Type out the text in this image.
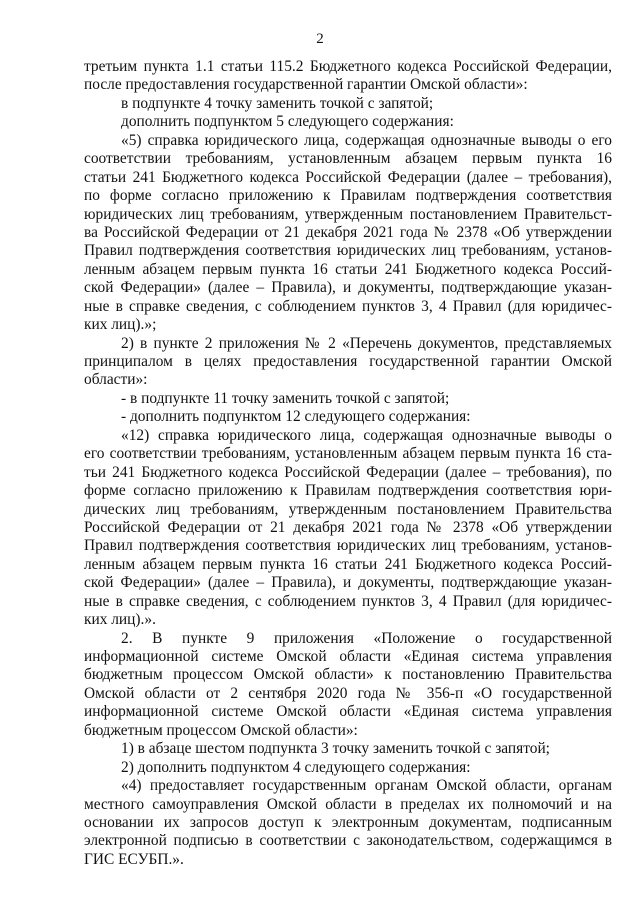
2
третьим пункта 1.1 статьи 115.2 Бюджетного кодекса Российской Федерации,
после предоставления государственной гарантии Омской области»:
в подпункте 4 точку заменить точкой с запятой;
дополнить подпунктом 5 следующего содержания:
«5) справка юридического лица, содержащая однозначные выводы о его
соответствии требованиям, установленным абзацем первым пункта 16
статьи 241 Бюджетного кодекса Российской Федерации (далее – требования),
по форме согласно приложению к Правилам подтверждения соответствия
юридических лиц требованиям, утвержденным постановлением Правительст-
ва Российской Федерации от 21 декабря 2021 года № 2378 «Об утверждении
Правил подтверждения соответствия юридических лиц требованиям, установ-
ленным абзацем первым пункта 16 статьи 241 Бюджетного кодекса Россий-
ской Федерации» (далее – Правила), и документы, подтверждающие указан-
ные в справке сведения, с соблюдением пунктов 3, 4 Правил (для юридичес-
ких лиц).»;
2) в пункте 2 приложения № 2 «Перечень документов, представляемых
принципалом в целях предоставления государственной гарантии Омской
области»:
- в подпункте 11 точку заменить точкой с запятой;
- дополнить подпунктом 12 следующего содержания:
«12) справка юридического лица, содержащая однозначные выводы о
его соответствии требованиям, установленным абзацем первым пункта 16 ста-
тьи 241 Бюджетного кодекса Российской Федерации (далее – требования), по
форме согласно приложению к Правилам подтверждения соответствия юри-
дических лиц требованиям, утвержденным постановлением Правительства
Российской Федерации от 21 декабря 2021 года № 2378 «Об утверждении
Правил подтверждения соответствия юридических лиц требованиям, установ-
ленным абзацем первым пункта 16 статьи 241 Бюджетного кодекса Россий-
ской Федерации» (далее – Правила), и документы, подтверждающие указан-
ные в справке сведения, с соблюдением пунктов 3, 4 Правил (для юридичес-
ких лиц).».
2. В пункте 9 приложения «Положение о государственной
информационной системе Омской области «Единая система управления
бюджетным процессом Омской области» к постановлению Правительства
Омской области от 2 сентября 2020 года № 356-п «О государственной
информационной системе Омской области «Единая система управления
бюджетным процессом Омской области»:
1) в абзаце шестом подпункта 3 точку заменить точкой с запятой;
2) дополнить подпунктом 4 следующего содержания:
«4) предоставляет государственным органам Омской области, органам
местного самоуправления Омской области в пределах их полномочий и на
основании их запросов доступ к электронным документам, подписанным
электронной подписью в соответствии с законодательством, содержащимся в
ГИС ЕСУБП.».
